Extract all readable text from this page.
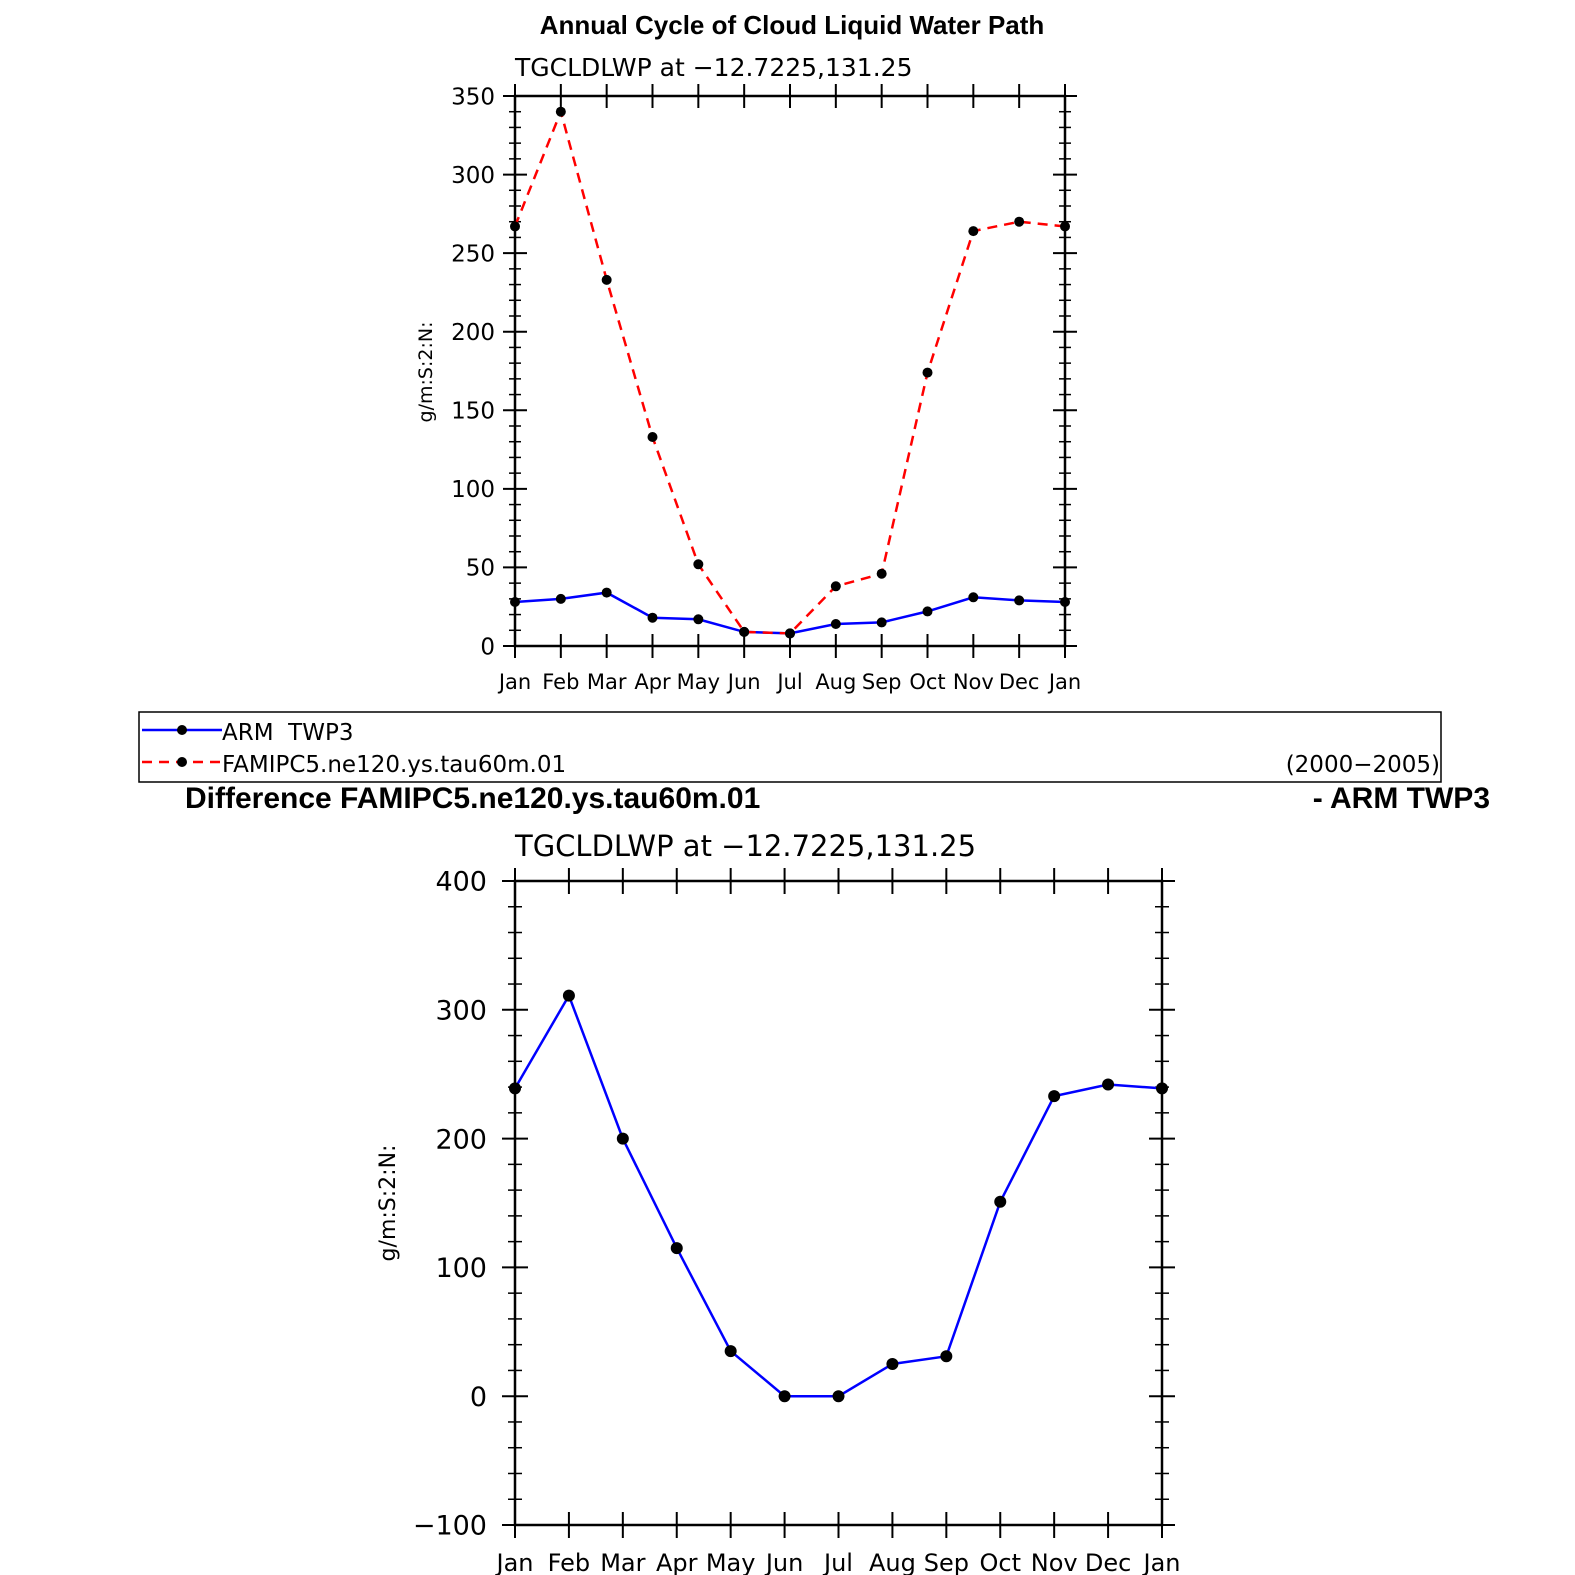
Annual Cycle of Cloud Liquid Water Path
TGCLDLWP at −12.7225,131.25
g/m:S:2:N:
0
50
100
150
200
250
300
350
Jan Feb Mar Apr May Jun Jul Aug Sep Oct Nov Dec Jan
ARM  TWP3
FAMIPC5.ne120.ys.tau60m.01	(2000−2005)
Difference FAMIPC5.ne120.ys.tau60m.01	- ARM TWP3
TGCLDLWP at −12.7225,131.25
g/m:S:2:N:
−100
0
100
200
300
400
Jan Feb Mar Apr May Jun Jul Aug Sep Oct Nov Dec Jan
